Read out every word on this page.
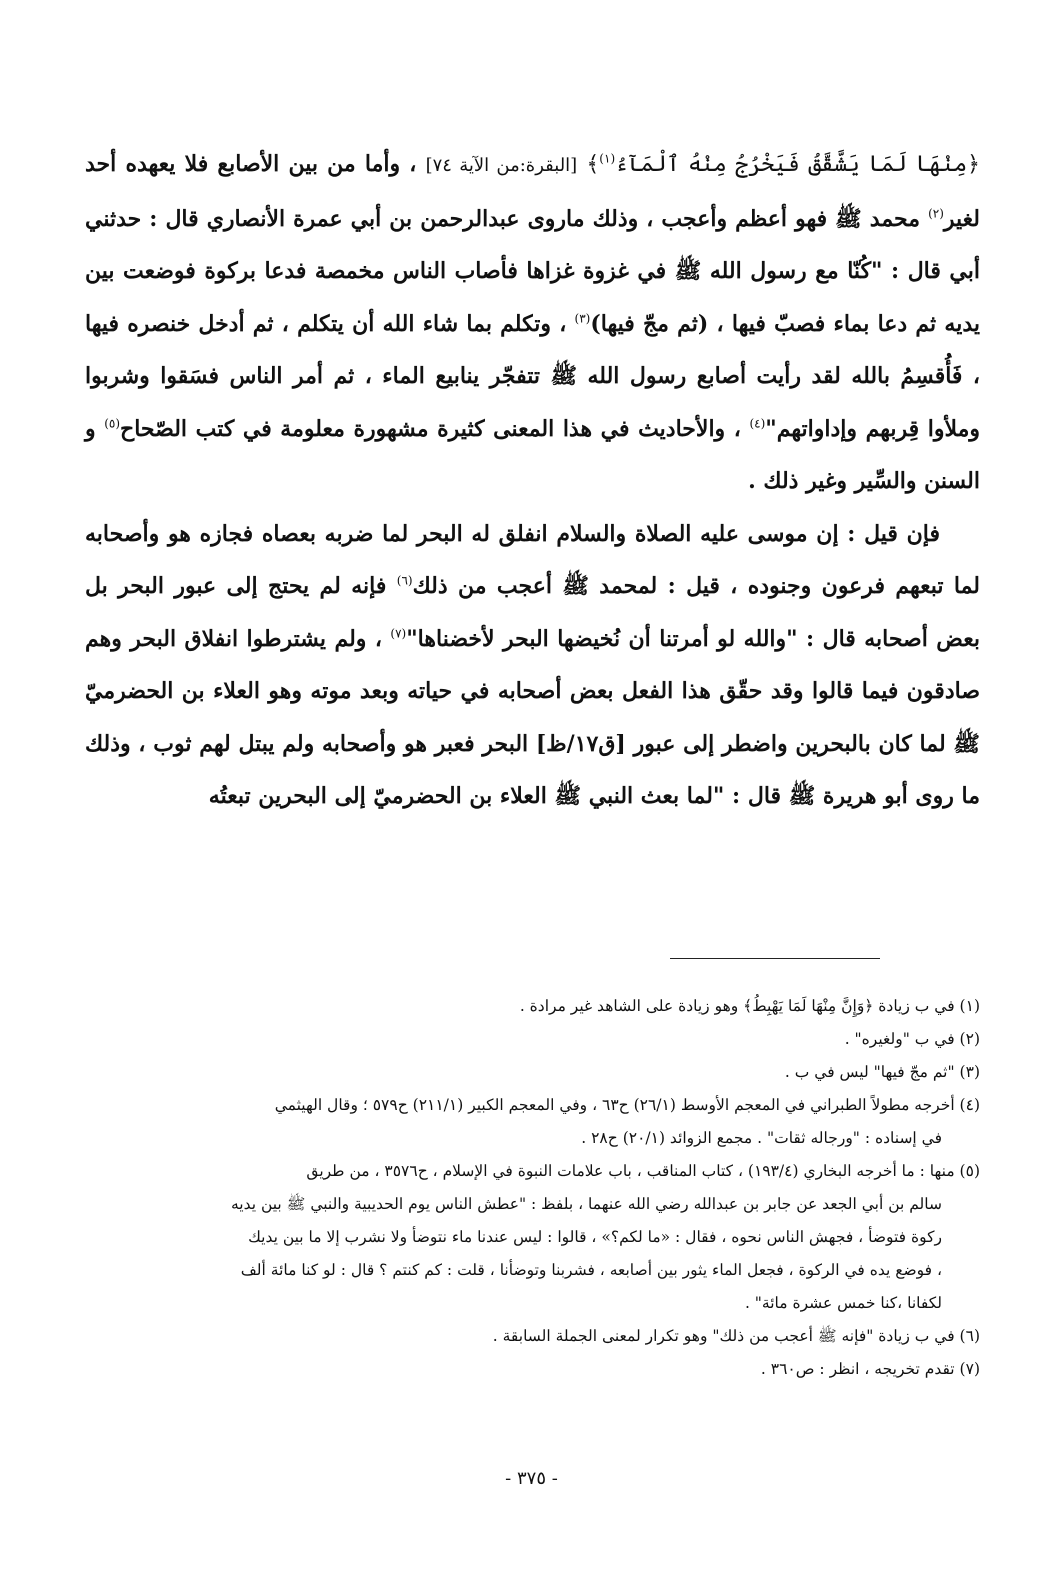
﴿مِنْهَا لَمَا يَشَّقَّقُ فَيَخْرُجُ مِنْهُ ٱلْمَآءُ$^{(١)}$﴾ [البقرة:من الآية ٧٤] ، وأما من بين الأصابع فلا يعهده أحد لغير$^{(٢)}$ محمد ﷺ فهو أعظم وأعجب ، وذلك ماروى عبدالرحمن بن أبي عمرة الأنصاري قال : حدثني أبي قال : "كُنّا مع رسول الله ﷺ في غزوة غزاها فأصاب الناس مخمصة فدعا بركوة فوضعت بين يديه ثم دعا بماء فصبّ فيها ، (ثم مجّ فيها)$^{(٣)}$ ، وتكلم بما شاء الله أن يتكلم ، ثم أدخل خنصره فيها ، فَأُقسِمُ بالله لقد رأيت أصابع رسول الله ﷺ تتفجّر ينابيع الماء ، ثم أمر الناس فسَقوا وشربوا وملأوا قِربهم وإداواتهم"$^{(٤)}$ ، والأحاديث في هذا المعنى كثيرة مشهورة معلومة في كتب الصّحاح$^{(٥)}$ و السنن والسِّير وغير ذلك .

فإن قيل : إن موسى عليه الصلاة والسلام انفلق له البحر لما ضربه بعصاه فجازه هو وأصحابه لما تبعهم فرعون وجنوده ، قيل : لمحمد ﷺ أعجب من ذلك$^{(٦)}$ فإنه لم يحتج إلى عبور البحر بل بعض أصحابه قال : "والله لو أمرتنا أن نُخيضها البحر لأخضناها"$^{(٧)}$ ، ولم يشترطوا انفلاق البحر وهم صادقون فيما قالوا وقد حقّق هذا الفعل بعض أصحابه في حياته وبعد موته وهو العلاء بن الحضرميّ ﷺ لما كان بالبحرين واضطر إلى عبور [ق١٧/ظ] البحر فعبر هو وأصحابه ولم يبتل لهم ثوب ، وذلك ما روى أبو هريرة ﷺ قال : "لما بعث النبي ﷺ العلاء بن الحضرميّ إلى البحرين تبعتُه

(١) في ب زيادة ﴿وَإِنَّ مِنْهَا لَمَا يَهْبِطُ﴾ وهو زيادة على الشاهد غير مرادة .

(٢) في ب "ولغيره" .

(٣) "ثم مجّ فيها" ليس في ب .

(٤) أخرجه مطولاً الطبراني في المعجم الأوسط (٢٦/١) ح٦٣ ، وفي المعجم الكبير (٢١١/١) ح٥٧٩ ؛ وقال الهيثمي

في إسناده : "ورجاله ثقات" . مجمع الزوائد (٢٠/١) ح٢٨ .

(٥) منها : ما أخرجه البخاري (١٩٣/٤) ، كتاب المناقب ، باب علامات النبوة في الإسلام ، ح٣٥٧٦ ، من طريق

سالم بن أبي الجعد عن جابر بن عبدالله رضي الله عنهما ، بلفظ : "عطش الناس يوم الحديبية والنبي ﷺ بين يديه

ركوة فتوضأ ، فجهش الناس نحوه ، فقال : «ما لكم؟» ، قالوا : ليس عندنا ماء نتوضأ ولا نشرب إلا ما بين يديك

، فوضع يده في الركوة ، فجعل الماء يثور بين أصابعه ، فشربنا وتوضأنا ، قلت : كم كنتم ؟ قال : لو كنا مائة ألف

لكفانا ،كنا خمس عشرة مائة" .

(٦) في ب زيادة "فإنه ﷺ أعجب من ذلك" وهو تكرار لمعنى الجملة السابقة .

(٧) تقدم تخريجه ، انظر : ص٣٦٠ .

- ٣٧٥ -
